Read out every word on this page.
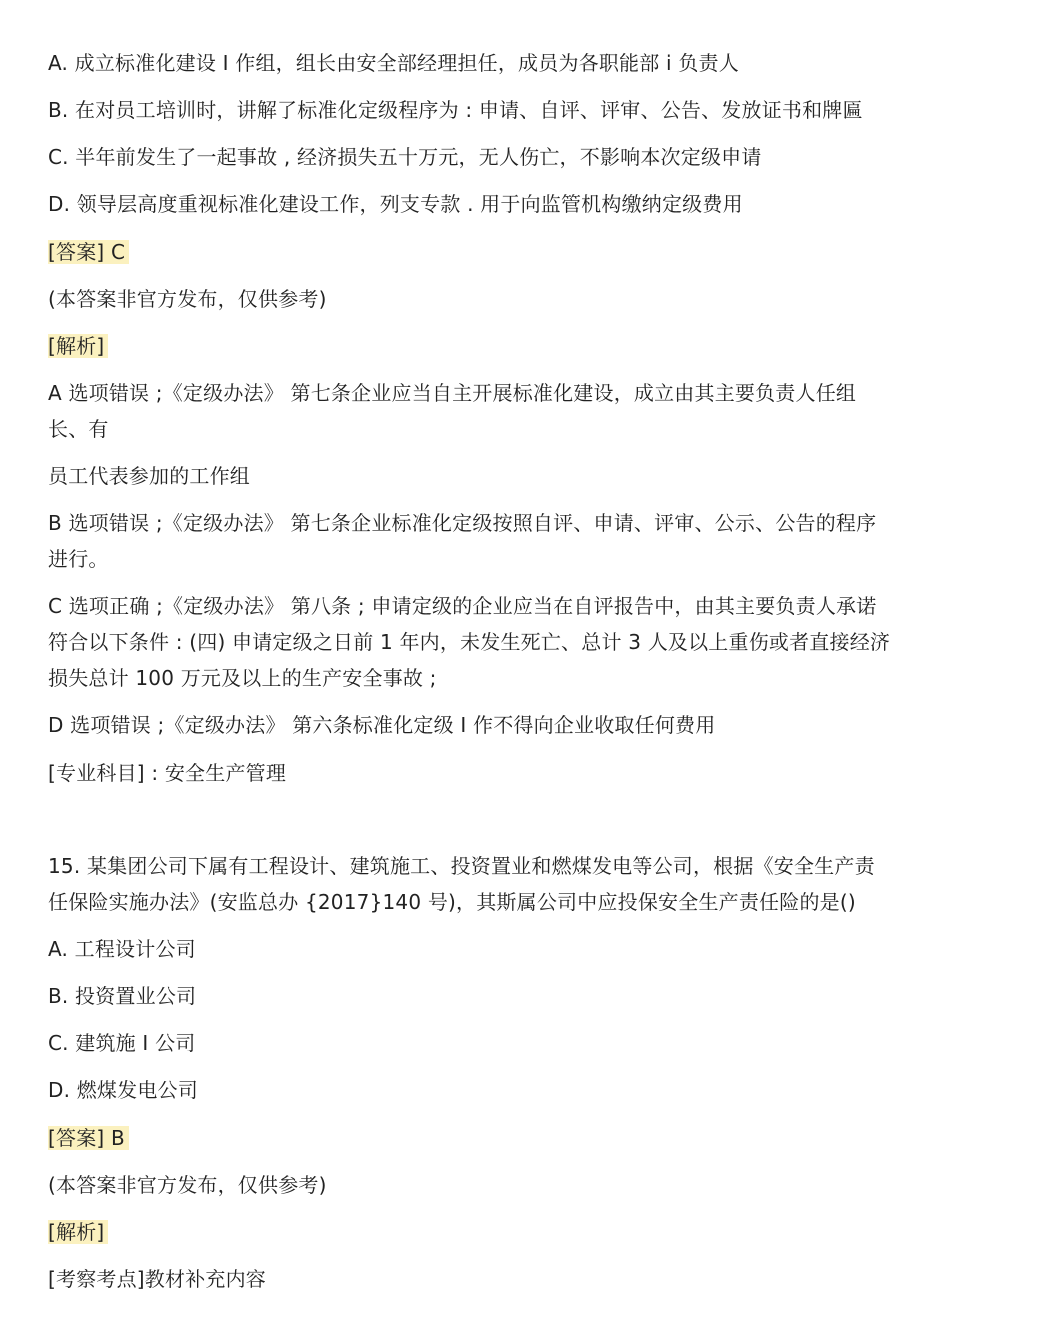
A. 成立标准化建设 I 作组，组长由安全部经理担任，成员为各职能部 i 负责人
B. 在对员工培训时，讲解了标准化定级程序为 : 申请、自评、评审、公告、发放证书和牌匾
C. 半年前发生了一起事故 , 经济损失五十万元，无人伤亡，不影响本次定级申请
D. 领导层高度重视标准化建设工作，列支专款 . 用于向监管机构缴纳定级费用
[答案] C
(本答案非官方发布，仅供参考)
[解析]
A 选项错误 ;《定级办法》 第七条企业应当自主开展标准化建设，成立由其主要负责人任组
长、有
员工代表参加的工作组
B 选项错误 ;《定级办法》 第七条企业标准化定级按照自评、申请、评审、公示、公告的程序
进行。
C 选项正确 ;《定级办法》 第八条 ; 申请定级的企业应当在自评报告中，由其主要负责人承诺
符合以下条件 : (四) 申请定级之日前 1 年内，未发生死亡、总计 3 人及以上重伤或者直接经济
损失总计 100 万元及以上的生产安全事故 ;
D 选项错误 ;《定级办法》 第六条标准化定级 I 作不得向企业收取任何费用
[专业科目] : 安全生产管理
15. 某集团公司下属有工程设计、建筑施工、投资置业和燃煤发电等公司，根据《安全生产责
任保险实施办法》(安监总办 {2017}140 号)，其斯属公司中应投保安全生产责任险的是()
A. 工程设计公司
B. 投资置业公司
C. 建筑施 I 公司
D. 燃煤发电公司
[答案] B
(本答案非官方发布，仅供参考)
[解析]
[考察考点]教材补充内容
